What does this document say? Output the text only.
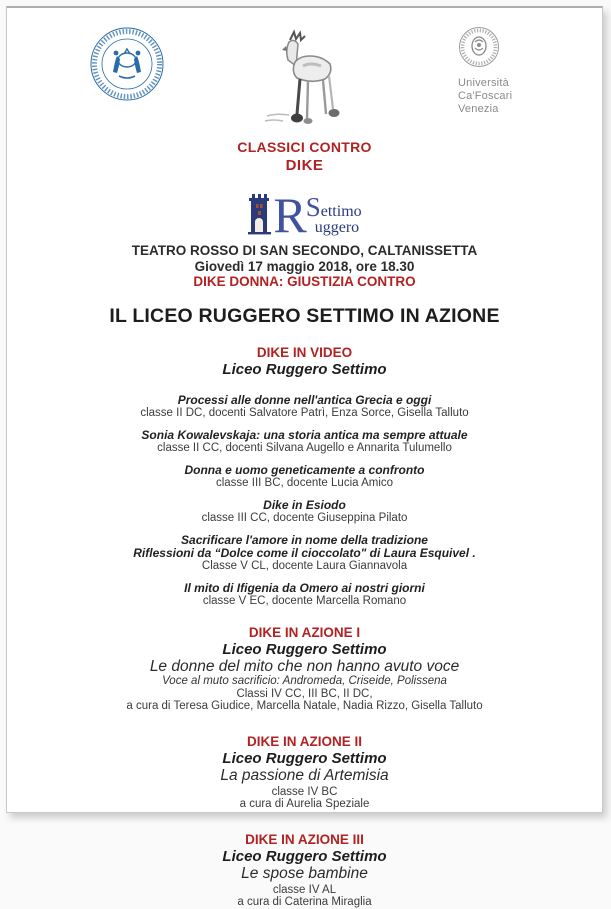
Università
Ca'Foscari
Venezia
CLASSICI CONTRO
DIKE
R Settimo
uggero
TEATRO ROSSO DI SAN SECONDO, CALTANISSETTA
Giovedì 17 maggio 2018, ore 18.30
DIKE DONNA: GIUSTIZIA CONTRO
IL LICEO RUGGERO SETTIMO IN AZIONE
DIKE IN VIDEO
Liceo Ruggero Settimo
Processi alle donne nell'antica Grecia e oggi
classe II DC, docenti Salvatore Patrì, Enza Sorce, Gisella Talluto
Sonia Kowalevskaja: una storia antica ma sempre attuale
classe II CC, docenti Silvana Augello e Annarita Tulumello
Donna e uomo geneticamente a confronto
classe III BC, docente Lucia Amico
Dike in Esiodo
classe III CC, docente Giuseppina Pilato
Sacrificare l'amore in nome della tradizione
Riflessioni da “Dolce come il cioccolato" di Laura Esquivel .
Classe V CL, docente Laura Giannavola
Il mito di Ifigenia da Omero ai nostri giorni
classe V EC, docente Marcella Romano
DIKE IN AZIONE I
Liceo Ruggero Settimo
Le donne del mito che non hanno avuto voce
Voce al muto sacrificio: Andromeda, Criseide, Polissena
Classi IV CC, III BC, II DC,
a cura di Teresa Giudice, Marcella Natale, Nadia Rizzo, Gisella Talluto
DIKE IN AZIONE II
Liceo Ruggero Settimo
La passione di Artemisia
classe IV BC
a cura di Aurelia Speziale
DIKE IN AZIONE III
Liceo Ruggero Settimo
Le spose bambine
classe IV AL
a cura di Caterina Miraglia
